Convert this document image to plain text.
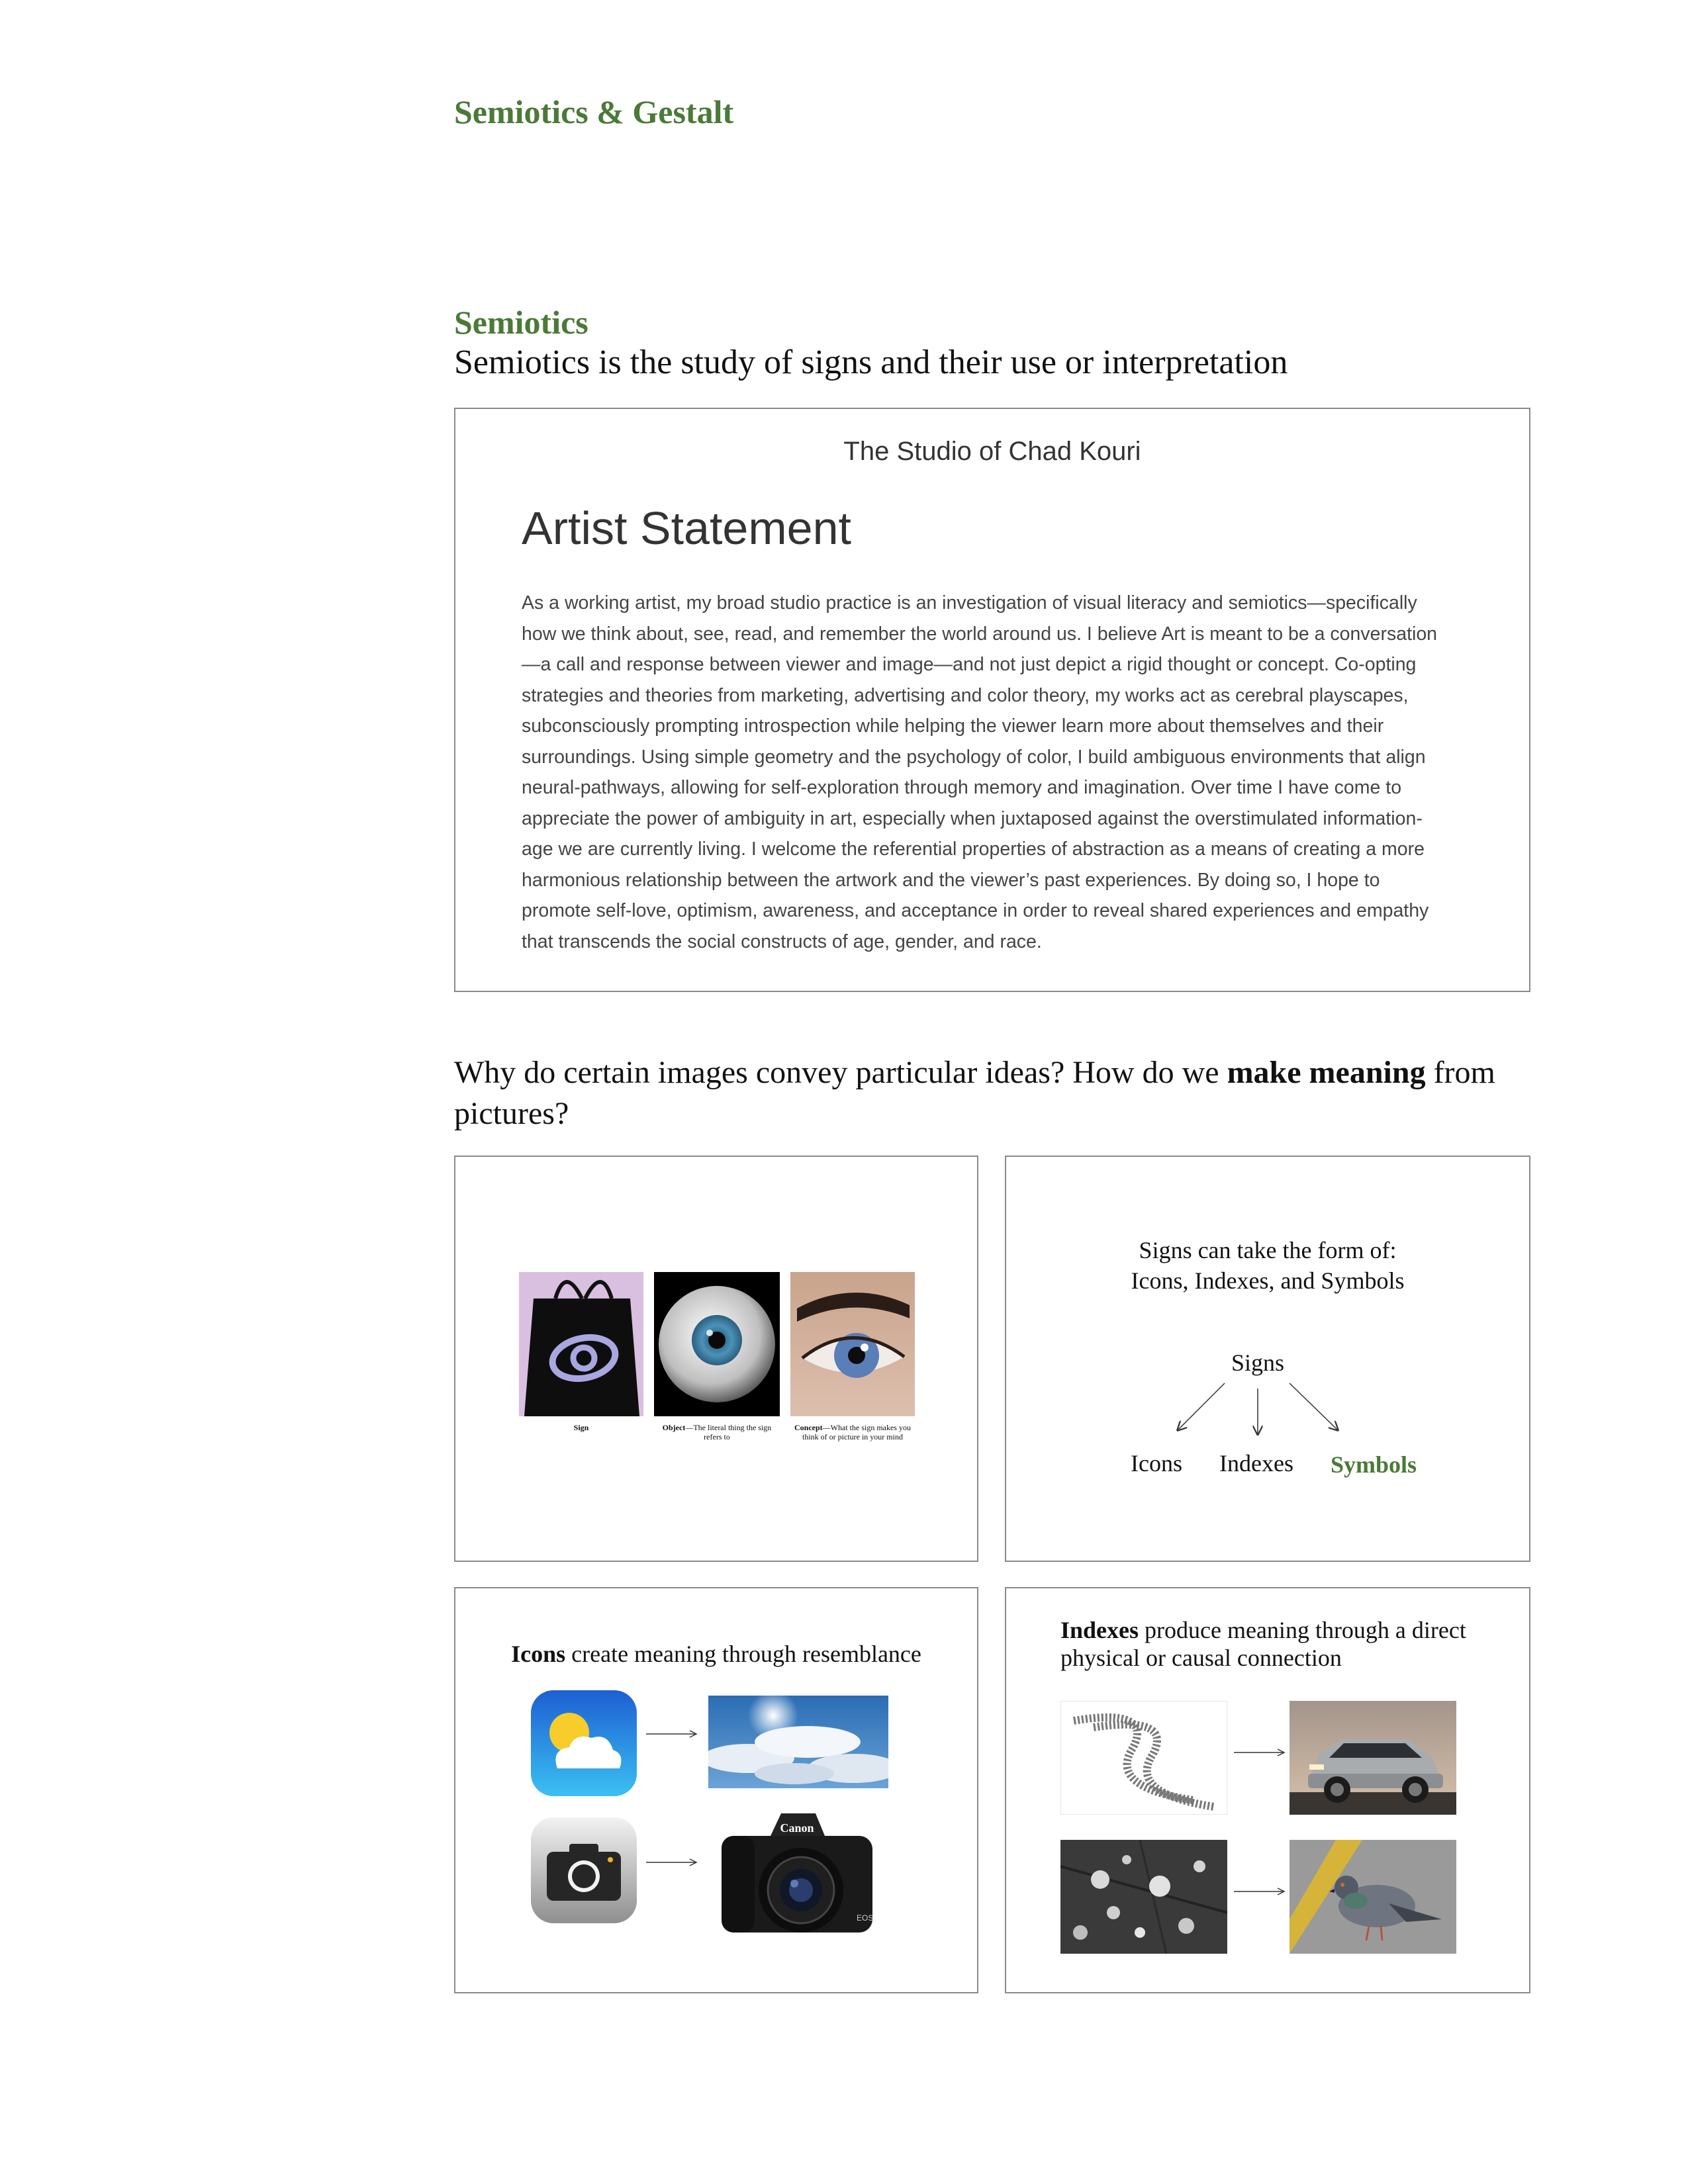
Semiotics & Gestalt
Semiotics

Semiotics is the study of signs and their use or interpretation

The Studio of Chad Kouri
Artist Statement
As a working artist, my broad studio practice is an investigation of visual literacy and semiotics—specifically
how we think about, see, read, and remember the world around us. I believe Art is meant to be a conversation
—a call and response between viewer and image—and not just depict a rigid thought or concept. Co-opting
strategies and theories from marketing, advertising and color theory, my works act as cerebral playscapes,
subconsciously prompting introspection while helping the viewer learn more about themselves and their
surroundings. Using simple geometry and the psychology of color, I build ambiguous environments that align
neural-pathways, allowing for self-exploration through memory and imagination. Over time I have come to
appreciate the power of ambiguity in art, especially when juxtaposed against the overstimulated information-
age we are currently living. I welcome the referential properties of abstraction as a means of creating a more
harmonious relationship between the artwork and the viewer’s past experiences. By doing so, I hope to
promote self-love, optimism, awareness, and acceptance in order to reveal shared experiences and empathy
that transcends the social constructs of age, gender, and race.

Why do certain images convey particular ideas? How do we make meaning from pictures?

Sign	Object—The literal thing the sign refers to
Concept—What the sign makes you think of or picture in your mind
Signs can take the form of:
Icons, Indexes, and Symbols
Signs
Icons Indexes Symbols
Icons create meaning through resemblance
Canon
EOS
Indexes produce meaning through a direct physical or causal connection
